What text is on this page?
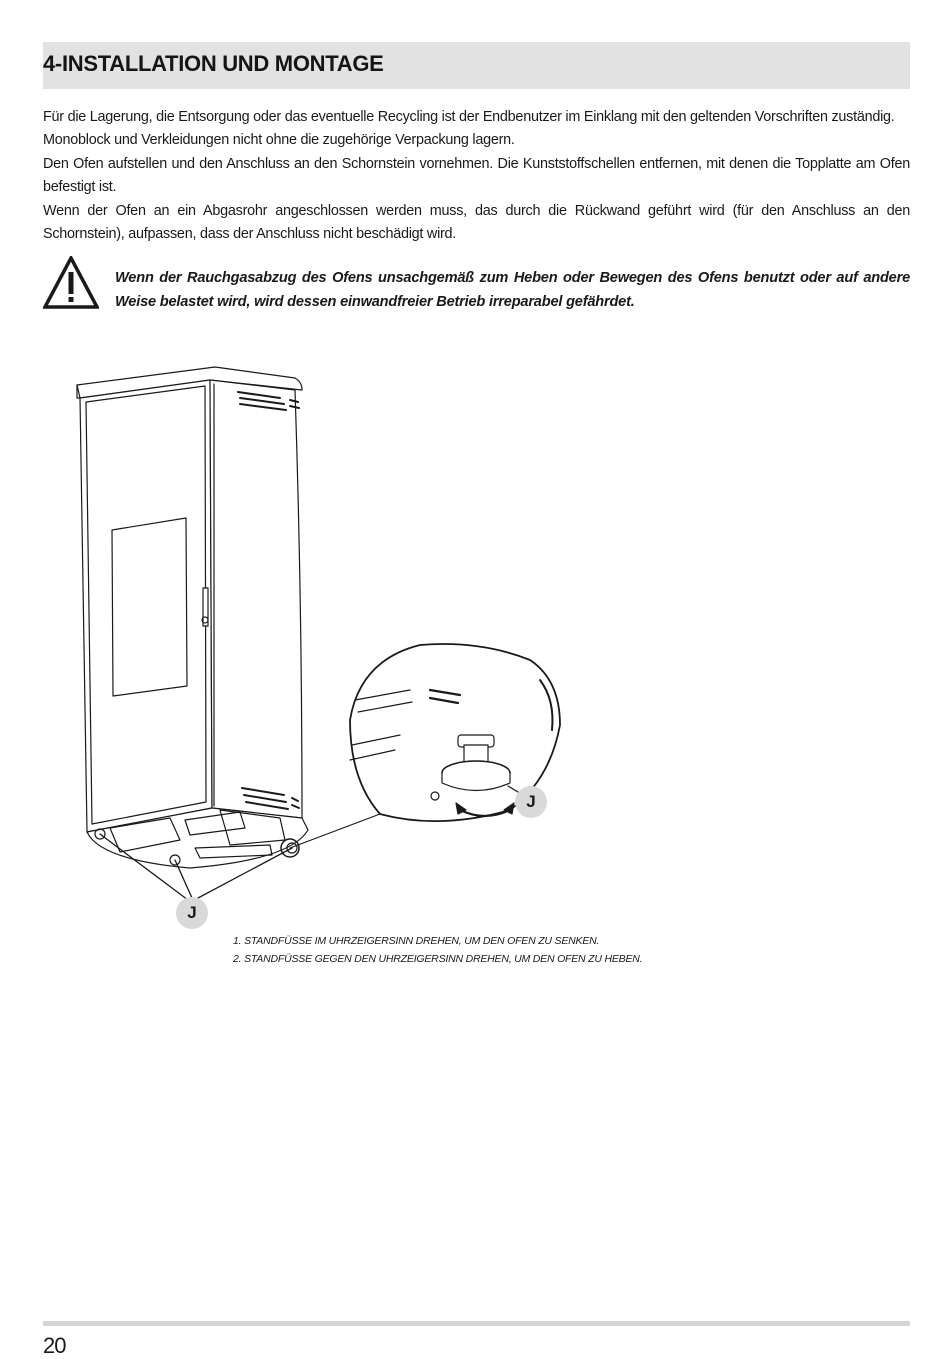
4-INSTALLATION UND MONTAGE

Für die Lagerung, die Entsorgung oder das eventuelle Recycling ist der Endbenutzer im Einklang mit den geltenden Vorschriften zuständig.

Monoblock und Verkleidungen nicht ohne die zugehörige Verpackung lagern.

Den Ofen aufstellen und den Anschluss an den Schornstein vornehmen. Die Kunststoffschellen entfernen, mit denen die Topplatte am Ofen befestigt ist.

Wenn der Ofen an ein Abgasrohr angeschlossen werden muss, das durch die Rückwand geführt wird (für den Anschluss an den Schornstein), aufpassen, dass der Anschluss nicht beschädigt wird.

Wenn der Rauchgasabzug des Ofens unsachgemäß zum Heben oder Bewegen des Ofens benutzt oder auf andere Weise belastet wird, wird dessen einwandfreier Betrieb irreparabel gefährdet.

J
J

1. STANDFÜSSE IM UHRZEIGERSINN DREHEN, UM DEN OFEN ZU SENKEN.

2. STANDFÜSSE GEGEN DEN UHRZEIGERSINN DREHEN, UM DEN OFEN ZU HEBEN.

20
